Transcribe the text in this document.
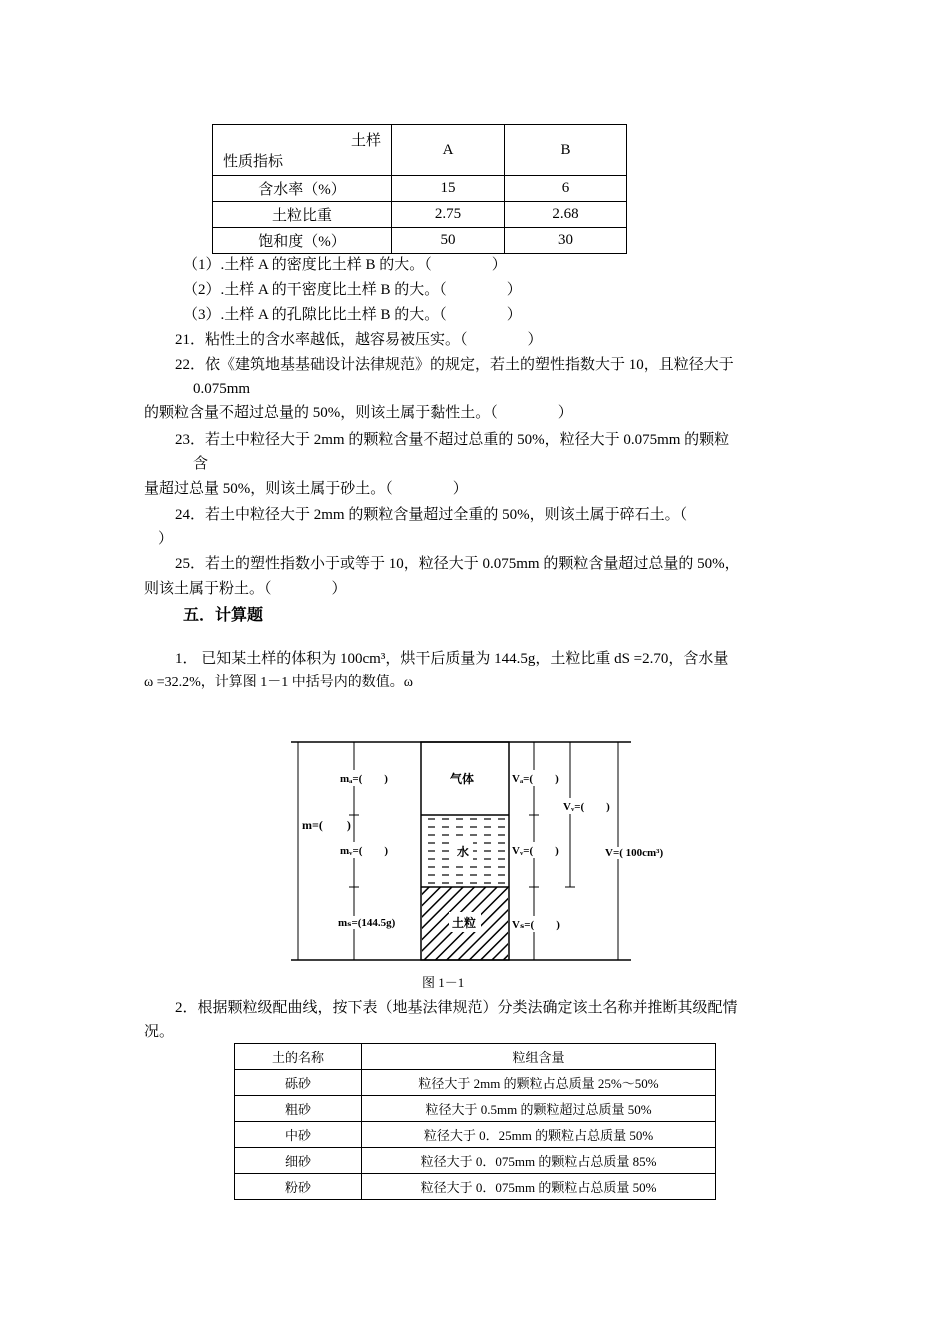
土样
性质指标	A	B
含水率（%）	15	6
土粒比重	2.75	2.68
饱和度（%）	50	30
（1）.土样 A 的密度比土样 B 的大。（　　　　）
（2）.土样 A 的干密度比土样 B 的大。（　　　　）
（3）.土样 A 的孔隙比比土样 B 的大。（　　　　）
21．粘性土的含水率越低，越容易被压实。（　　　　）
22．依《建筑地基基础设计法律规范》的规定，若土的塑性指数大于 10，且粒径大于
0.075mm
的颗粒含量不超过总量的 50%，则该土属于黏性土。（　　　　）
23．若土中粒径大于 2mm 的颗粒含量不超过总重的 50%，粒径大于 0.075mm 的颗粒
含
量超过总量 50%，则该土属于砂土。（　　　　）
24．若土中粒径大于 2mm 的颗粒含量超过全重的 50%，则该土属于碎石土。（
）
25．若土的塑性指数小于或等于 10，粒径大于 0.075mm 的颗粒含量超过总量的 50%，
则该土属于粉土。（　　　　）
五．计算题
1． 已知某土样的体积为 100cm³，烘干后质量为 144.5g，土粒比重 dS =2.70，含水量
ω =32.2%，计算图 1－1 中括号内的数值。ω
m=(　　)
mₐ=(　　)
mᵥ=(　　)
mₛ=(144.5g)
气体
水
土粒
Vₐ=(　　)
Vᵥ=(　　)
Vᵥ=(　　)
Vₛ=(　　)
V=( 100cm³)
图 1－1
2．根据颗粒级配曲线，按下表（地基法律规范）分类法确定该土名称并推断其级配情
况。
土的名称	粒组含量
砾砂	粒径大于 2mm 的颗粒占总质量 25%～50%
粗砂	粒径大于 0.5mm 的颗粒超过总质量 50%
中砂	粒径大于 0．25mm 的颗粒占总质量 50%
细砂	粒径大于 0．075mm 的颗粒占总质量 85%
粉砂	粒径大于 0．075mm 的颗粒占总质量 50%
